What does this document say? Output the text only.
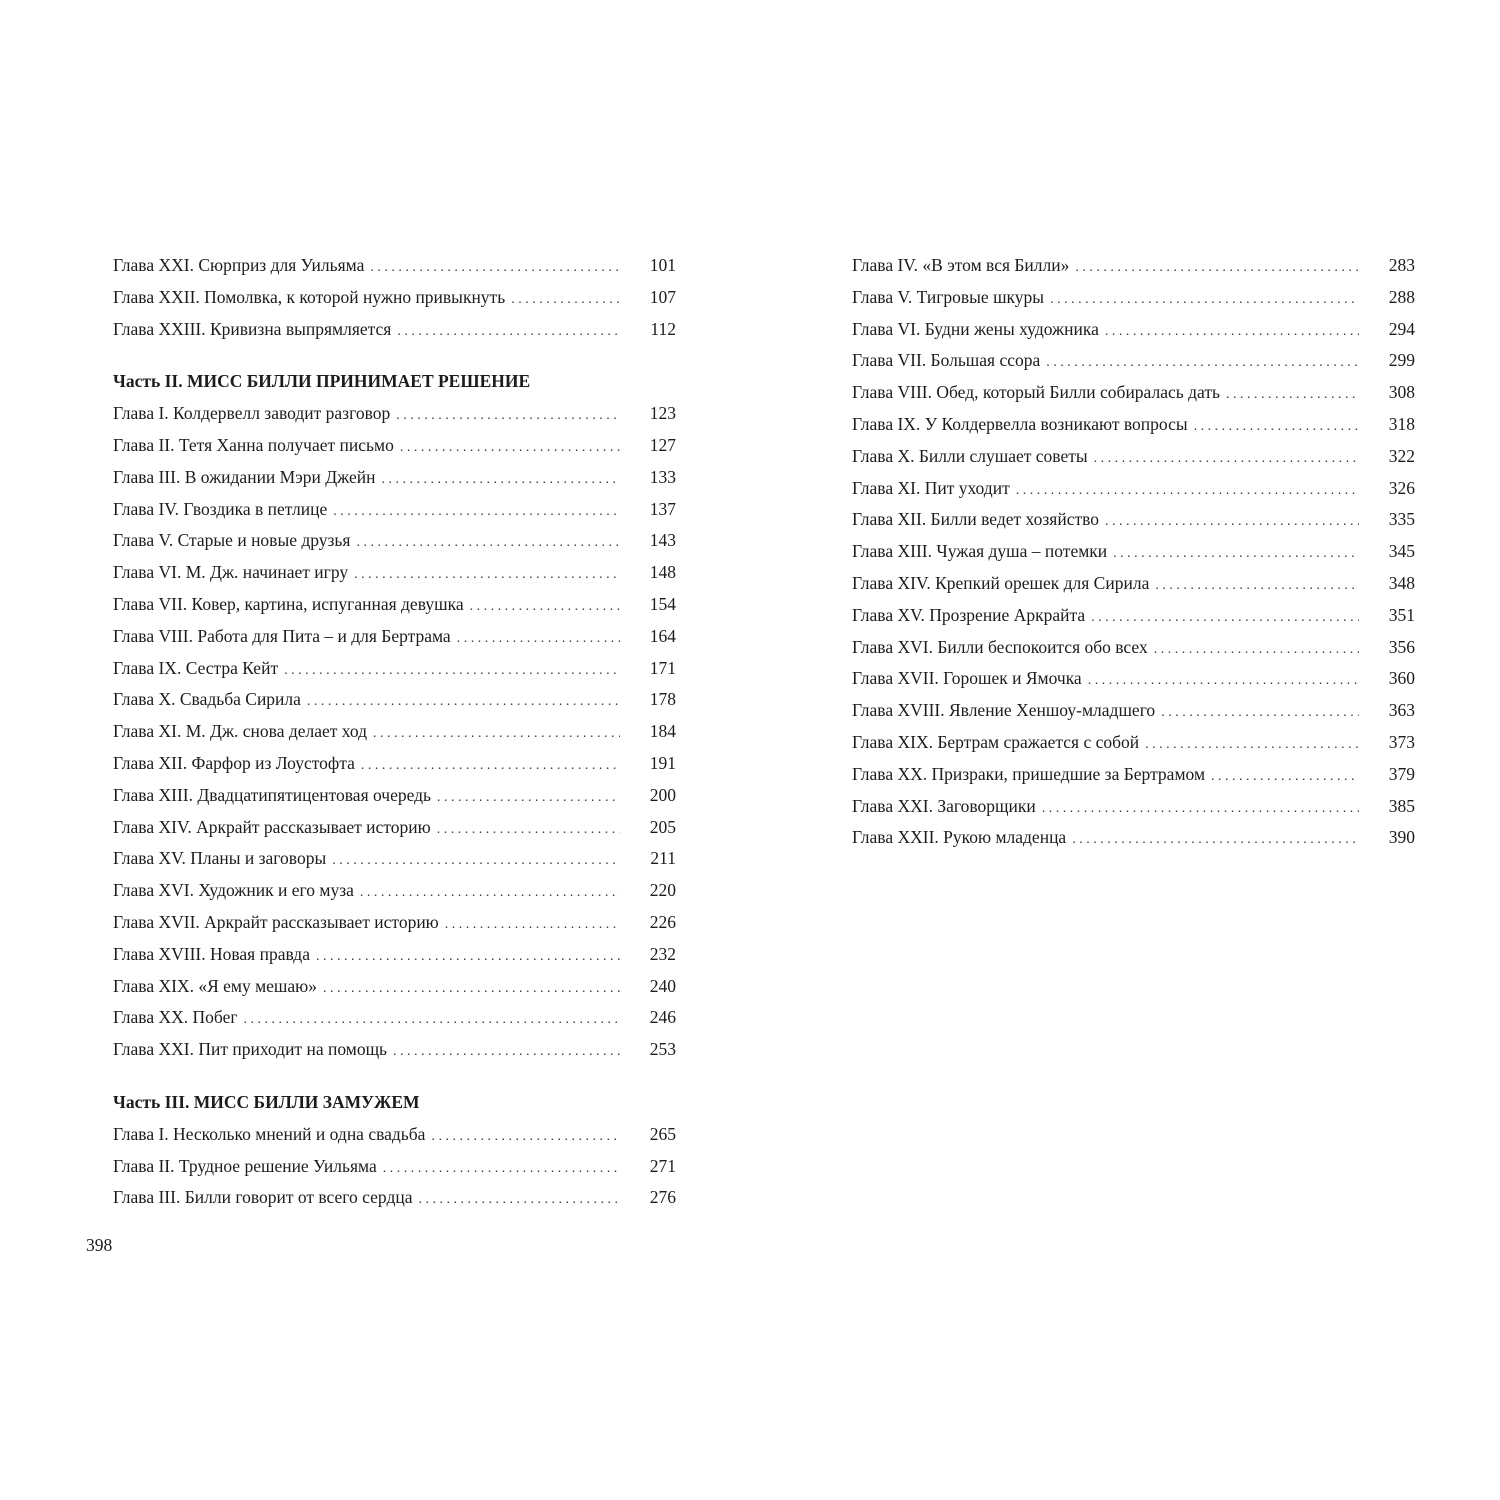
Глава XXI. Сюрприз для Уильяма . . .	101
Глава XXII. Помолвка, к которой нужно привыкнуть . . .	107
Глава XXIII. Кривизна выпрямляется . . .	112
Часть II. МИСС БИЛЛИ ПРИНИМАЕТ РЕШЕНИЕ
Глава I. Колдервелл заводит разговор . . .	123
Глава II. Тетя Ханна получает письмо . . .	127
Глава III. В ожидании Мэри Джейн . . .	133
Глава IV. Гвоздика в петлице . . .	137
Глава V. Старые и новые друзья . . .	143
Глава VI. М. Дж. начинает игру . . .	148
Глава VII. Ковер, картина, испуганная девушка . . .	154
Глава VIII. Работа для Пита – и для Бертрама . . .	164
Глава IX. Сестра Кейт . . .	171
Глава X. Свадьба Сирила . . .	178
Глава XI. М. Дж. снова делает ход . . .	184
Глава XII. Фарфор из Лоустофта . . .	191
Глава XIII. Двадцатипятицентовая очередь . . .	200
Глава XIV. Аркрайт рассказывает историю . . .	205
Глава XV. Планы и заговоры . . .	211
Глава XVI. Художник и его муза . . .	220
Глава XVII. Аркрайт рассказывает историю . . .	226
Глава XVIII. Новая правда . . .	232
Глава XIX. «Я ему мешаю» . . .	240
Глава XX. Побег . . .	246
Глава XXI. Пит приходит на помощь . . .	253
Часть III. МИСС БИЛЛИ ЗАМУЖЕМ
Глава I. Несколько мнений и одна свадьба . . .	265
Глава II. Трудное решение Уильяма . . .	271
Глава III. Билли говорит от всего сердца . . .	276
Глава IV. «В этом вся Билли» . . .	283
Глава V. Тигровые шкуры . . .	288
Глава VI. Будни жены художника . . .	294
Глава VII. Большая ссора . . .	299
Глава VIII. Обед, который Билли собиралась дать . . .	308
Глава IX. У Колдервелла возникают вопросы . . .	318
Глава X. Билли слушает советы . . .	322
Глава XI. Пит уходит . . .	326
Глава XII. Билли ведет хозяйство . . .	335
Глава XIII. Чужая душа – потемки . . .	345
Глава XIV. Крепкий орешек для Сирила . . .	348
Глава XV. Прозрение Аркрайта . . .	351
Глава XVI. Билли беспокоится обо всех . . .	356
Глава XVII. Горошек и Ямочка . . .	360
Глава XVIII. Явление Хеншоу-младшего . . .	363
Глава XIX. Бертрам сражается с собой . . .	373
Глава XX. Призраки, пришедшие за Бертрамом . . .	379
Глава XXI. Заговорщики . . .	385
Глава XXII. Рукою младенца . . .	390
398
